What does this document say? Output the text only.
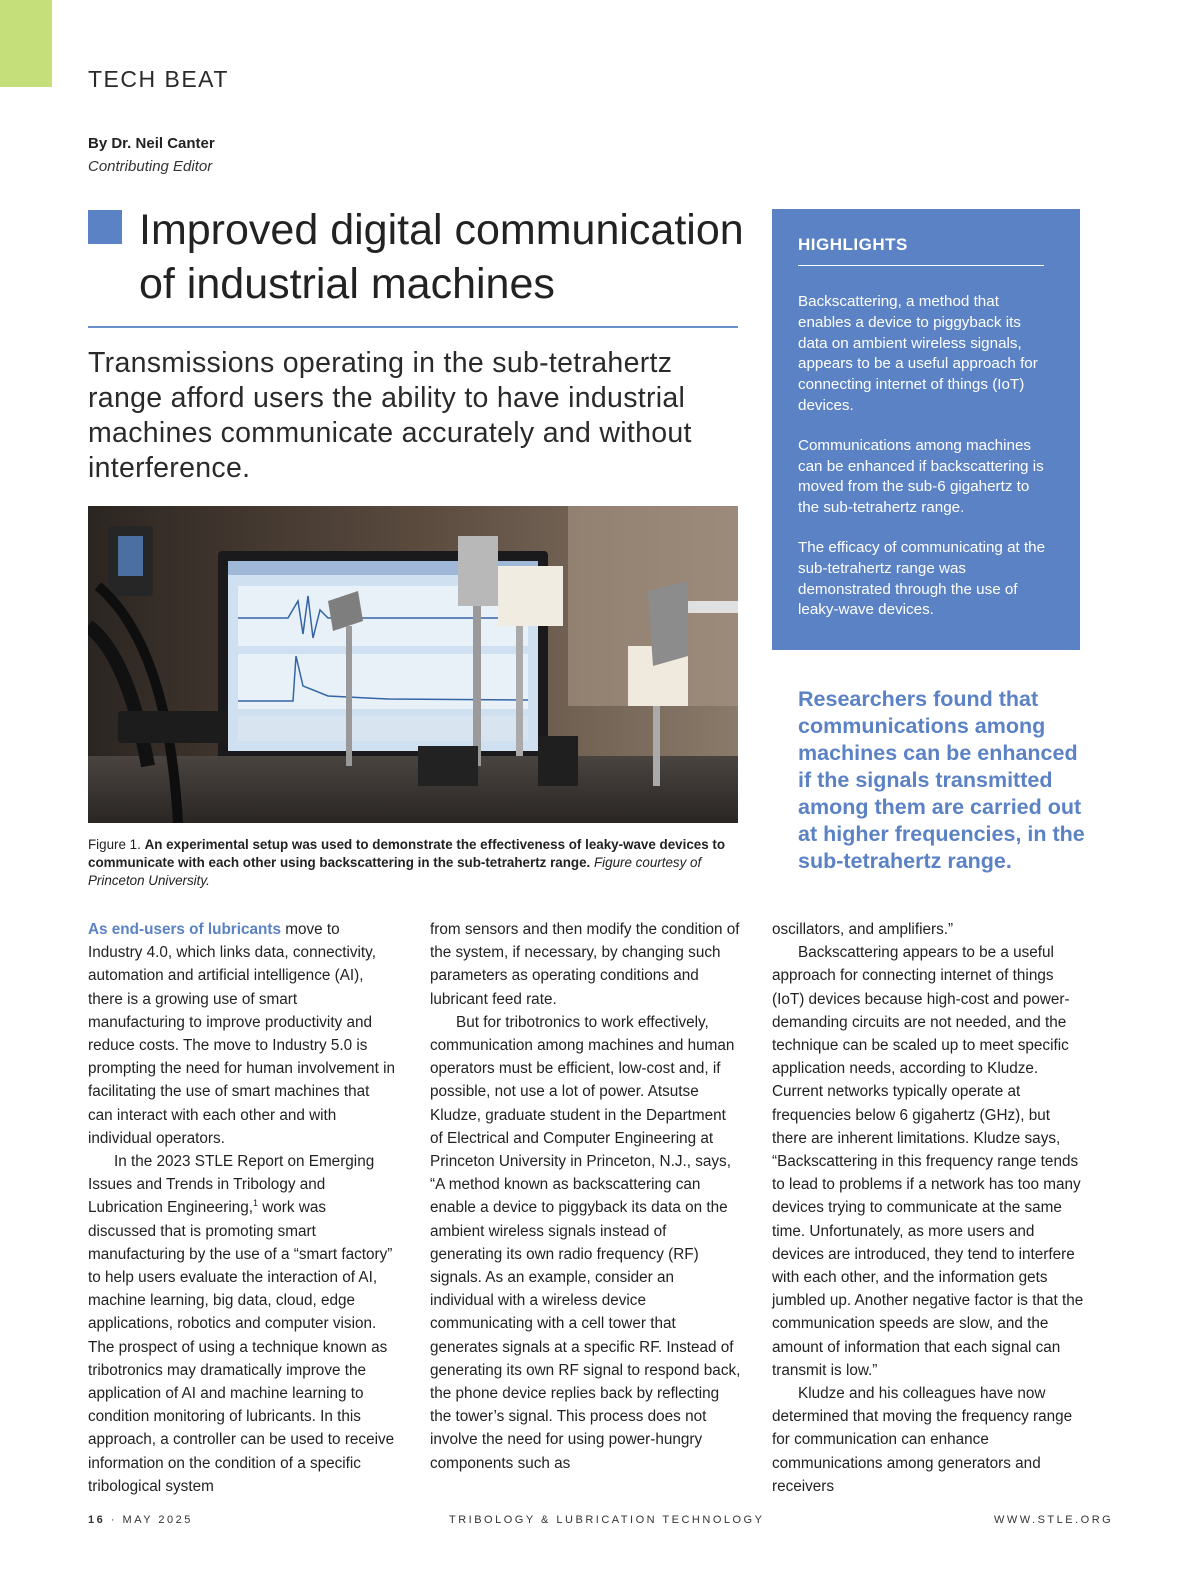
TECH BEAT
By Dr. Neil Canter
Contributing Editor
Improved digital communication of industrial machines
Transmissions operating in the sub-tetrahertz range afford users the ability to have industrial machines communicate accurately and without interference.
Figure 1. An experimental setup was used to demonstrate the effectiveness of leaky-wave devices to communicate with each other using backscattering in the sub-tetrahertz range. Figure courtesy of Princeton University.
HIGHLIGHTS

Backscattering, a method that enables a device to piggyback its data on ambient wireless signals, appears to be a useful approach for connecting internet of things (IoT) devices.

Communications among machines can be enhanced if backscattering is moved from the sub-6 gigahertz to the sub-tetrahertz range.

The efficacy of communicating at the sub-tetrahertz range was demonstrated through the use of leaky-wave devices.

Researchers found that communications among machines can be enhanced if the signals transmitted among them are carried out at higher frequencies, in the sub-tetrahertz range.

As end-users of lubricants move to Industry 4.0, which links data, connectivity, automation and artificial intelligence (AI), there is a growing use of smart manufacturing to improve productivity and reduce costs. The move to Industry 5.0 is prompting the need for human involvement in facilitating the use of smart machines that can interact with each other and with individual operators.

In the 2023 STLE Report on Emerging Issues and Trends in Tribology and Lubrication Engineering,$^1$ work was discussed that is promoting smart manufacturing by the use of a “smart factory” to help users evaluate the interaction of AI, machine learning, big data, cloud, edge applications, robotics and computer vision. The prospect of using a technique known as tribotronics may dramatically improve the application of AI and machine learning to condition monitoring of lubricants. In this approach, a controller can be used to receive information on the condition of a specific tribological system

from sensors and then modify the condition of the system, if necessary, by changing such parameters as operating conditions and lubricant feed rate.

But for tribotronics to work effectively, communication among machines and human operators must be efficient, low-cost and, if possible, not use a lot of power. Atsutse Kludze, graduate student in the Department of Electrical and Computer Engineering at Princeton University in Princeton, N.J., says, “A method known as backscattering can enable a device to piggyback its data on the ambient wireless signals instead of generating its own radio frequency (RF) signals. As an example, consider an individual with a wireless device communicating with a cell tower that generates signals at a specific RF. Instead of generating its own RF signal to respond back, the phone device replies back by reflecting the tower’s signal. This process does not involve the need for using power-hungry components such as

oscillators, and amplifiers.”

Backscattering appears to be a useful approach for connecting internet of things (IoT) devices because high-cost and power-demanding circuits are not needed, and the technique can be scaled up to meet specific application needs, according to Kludze. Current networks typically operate at frequencies below 6 gigahertz (GHz), but there are inherent limitations. Kludze says, “Backscattering in this frequency range tends to lead to problems if a network has too many devices trying to communicate at the same time. Unfortunately, as more users and devices are introduced, they tend to interfere with each other, and the information gets jumbled up. Another negative factor is that the communication speeds are slow, and the amount of information that each signal can transmit is low.”

Kludze and his colleagues have now determined that moving the frequency range for communication can enhance communications among generators and receivers

16 · MAY 2025	TRIBOLOGY & LUBRICATION TECHNOLOGY	WWW.STLE.ORG
